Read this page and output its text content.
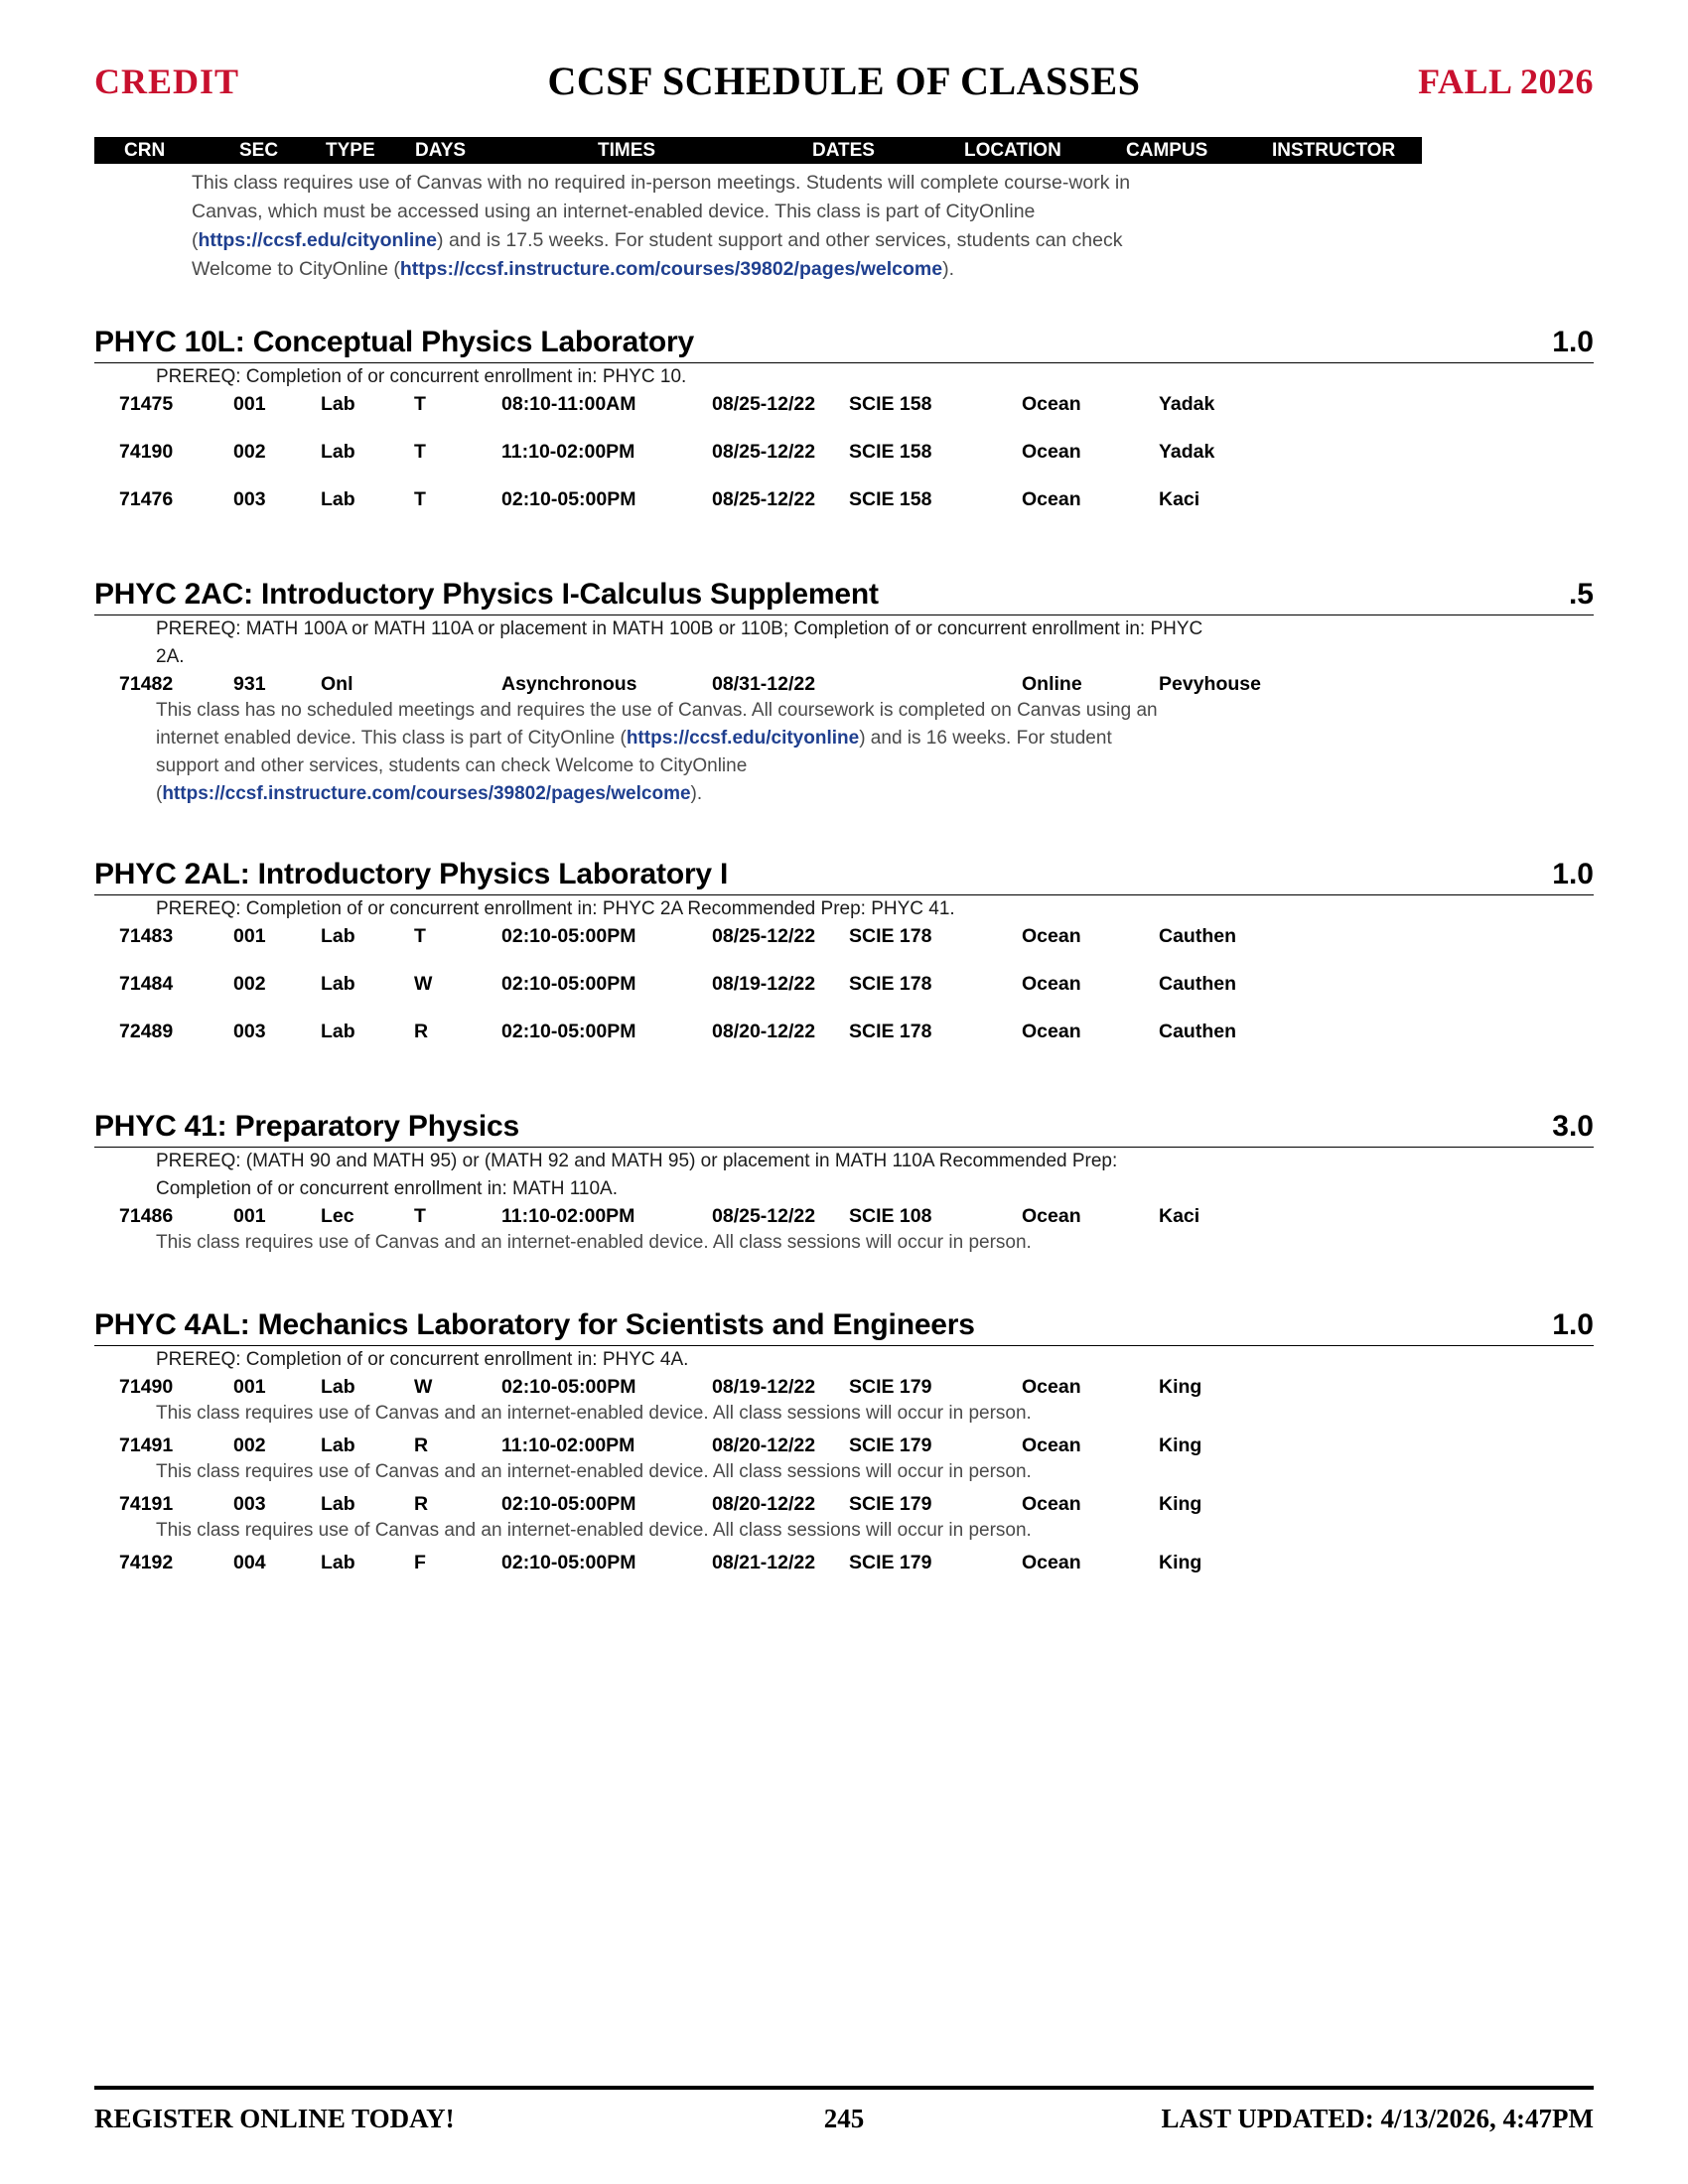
CREDIT	CCSF SCHEDULE OF CLASSES	FALL 2026
CRN	SEC	TYPE DAYS	TIMES	DATES	LOCATION	CAMPUS	INSTRUCTOR

This class requires use of Canvas with no required in-person meetings. Students will complete course-work in Canvas, which must be accessed using an internet-enabled device. This class is part of CityOnline (https://ccsf.edu/cityonline) and is 17.5 weeks. For student support and other services, students can check Welcome to CityOnline (https://ccsf.instructure.com/courses/39802/pages/welcome).

PHYC 10L: Conceptual Physics Laboratory	1.0
PREREQ: Completion of or concurrent enrollment in: PHYC 10.
71475	001	Lab	T	08:10-11:00AM	08/25-12/22 SCIE 158	Ocean	Yadak
74190	002	Lab	T	11:10-02:00PM	08/25-12/22 SCIE 158	Ocean	Yadak
71476	003	Lab	T	02:10-05:00PM	08/25-12/22 SCIE 158	Ocean	Kaci
PHYC 2AC: Introductory Physics I-Calculus Supplement	.5
PREREQ: MATH 100A or MATH 110A or placement in MATH 100B or 110B; Completion of or concurrent enrollment in: PHYC 2A.
71482	931	Onl	Asynchronous	08/31-12/22	Online	Pevyhouse
This class has no scheduled meetings and requires the use of Canvas. All coursework is completed on Canvas using an internet enabled device. This class is part of CityOnline (https://ccsf.edu/cityonline) and is 16 weeks. For student support and other services, students can check Welcome to CityOnline (https://ccsf.instructure.com/courses/39802/pages/welcome).
PHYC 2AL: Introductory Physics Laboratory I	1.0
PREREQ: Completion of or concurrent enrollment in: PHYC 2A Recommended Prep: PHYC 41.
71483	001	Lab	T	02:10-05:00PM	08/25-12/22 SCIE 178	Ocean	Cauthen
71484	002	Lab	W	02:10-05:00PM	08/19-12/22 SCIE 178	Ocean	Cauthen
72489	003	Lab	R	02:10-05:00PM	08/20-12/22 SCIE 178	Ocean	Cauthen
PHYC 41: Preparatory Physics	3.0
PREREQ: (MATH 90 and MATH 95) or (MATH 92 and MATH 95) or placement in MATH 110A Recommended Prep: Completion of or concurrent enrollment in: MATH 110A.
71486	001	Lec	T	11:10-02:00PM	08/25-12/22 SCIE 108	Ocean	Kaci
This class requires use of Canvas and an internet-enabled device. All class sessions will occur in person.
PHYC 4AL: Mechanics Laboratory for Scientists and Engineers	1.0
PREREQ: Completion of or concurrent enrollment in: PHYC 4A.
71490	001	Lab	W	02:10-05:00PM	08/19-12/22 SCIE 179	Ocean	King
This class requires use of Canvas and an internet-enabled device. All class sessions will occur in person.
71491	002	Lab	R	11:10-02:00PM	08/20-12/22 SCIE 179	Ocean	King
This class requires use of Canvas and an internet-enabled device. All class sessions will occur in person.
74191	003	Lab	R	02:10-05:00PM	08/20-12/22 SCIE 179	Ocean	King
This class requires use of Canvas and an internet-enabled device. All class sessions will occur in person.
74192	004	Lab	F	02:10-05:00PM	08/21-12/22 SCIE 179	Ocean	King
REGISTER ONLINE TODAY!	245	LAST UPDATED: 4/13/2026, 4:47PM
